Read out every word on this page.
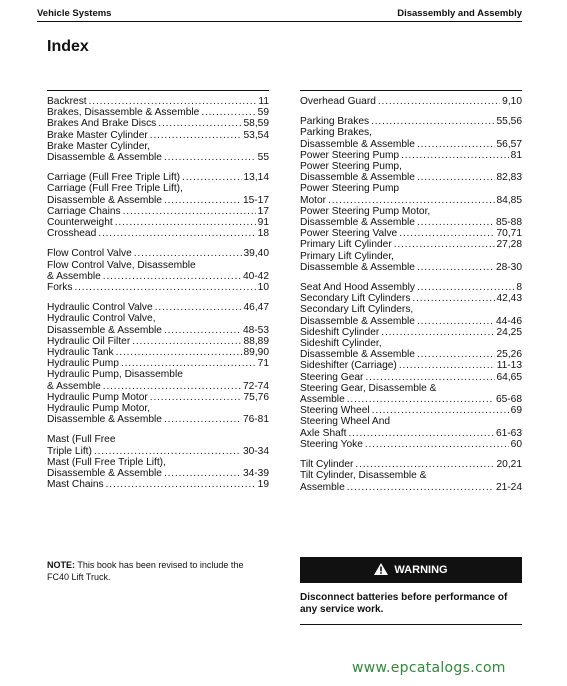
Vehicle Systems	Disassembly and Assembly
Index
Backrest . . .	11
Brakes, Disassemble & Assemble . . .	59
Brakes And Brake Discs . . .	58,59
Brake Master Cylinder . . .	53,54
Brake Master Cylinder,
Disassemble & Assemble . . .	55
Carriage (Full Free Triple Lift) . . .	13,14
Carriage (Full Free Triple Lift),
Disassemble & Assemble . . .	15-17
Carriage Chains . . .	17
Counterweight . . .	91
Crosshead . . .	18
Flow Control Valve . . .	39,40
Flow Control Valve, Disassemble
& Assemble . . .	40-42
Forks . . .	10
Hydraulic Control Valve . . .	46,47
Hydraulic Control Valve,
Disassemble & Assemble . . .	48-53
Hydraulic Oil Filter . . .	88,89
Hydraulic Tank . . .	89,90
Hydraulic Pump . . .	71
Hydraulic Pump, Disassemble
& Assemble . . .	72-74
Hydraulic Pump Motor . . .	75,76
Hydraulic Pump Motor,
Disassemble & Assemble . . .	76-81
Mast (Full Free
Triple Lift) . . .	30-34
Mast (Full Free Triple Lift),
Disassemble & Assemble . . .	34-39
Mast Chains . . .	19
Overhead Guard . . .	9,10
Parking Brakes . . .	55,56
Parking Brakes,
Disassemble & Assemble . . .	56,57
Power Steering Pump . . .	81
Power Steering Pump,
Disassemble & Assemble . . .	82,83
Power Steering Pump
Motor . . .	84,85
Power Steering Pump Motor,
Disassemble & Assemble . . .	85-88
Power Steering Valve . . .	70,71
Primary Lift Cylinder . . .	27,28
Primary Lift Cylinder,
Disassemble & Assemble . . .	28-30
Seat And Hood Assembly . . .	8
Secondary Lift Cylinders . . .	42,43
Secondary Lift Cylinders,
Disassemble & Assemble . . .	44-46
Sideshift Cylinder . . .	24,25
Sideshift Cylinder,
Disassemble & Assemble . . .	25,26
Sideshifter (Carriage) . . .	11-13
Steering Gear . . .	64,65
Steering Gear, Disassemble &
Assemble . . .	65-68
Steering Wheel . . .	69
Steering Wheel And
Axle Shaft . . .	61-63
Steering Yoke . . .	60
Tilt Cylinder . . .	20,21
Tilt Cylinder, Disassemble &
Assemble . . .	21-24
NOTE: This book has been revised to include the FC40 Lift Truck.
WARNING
Disconnect batteries before performance of any service work.
www.epcatalogs.com
